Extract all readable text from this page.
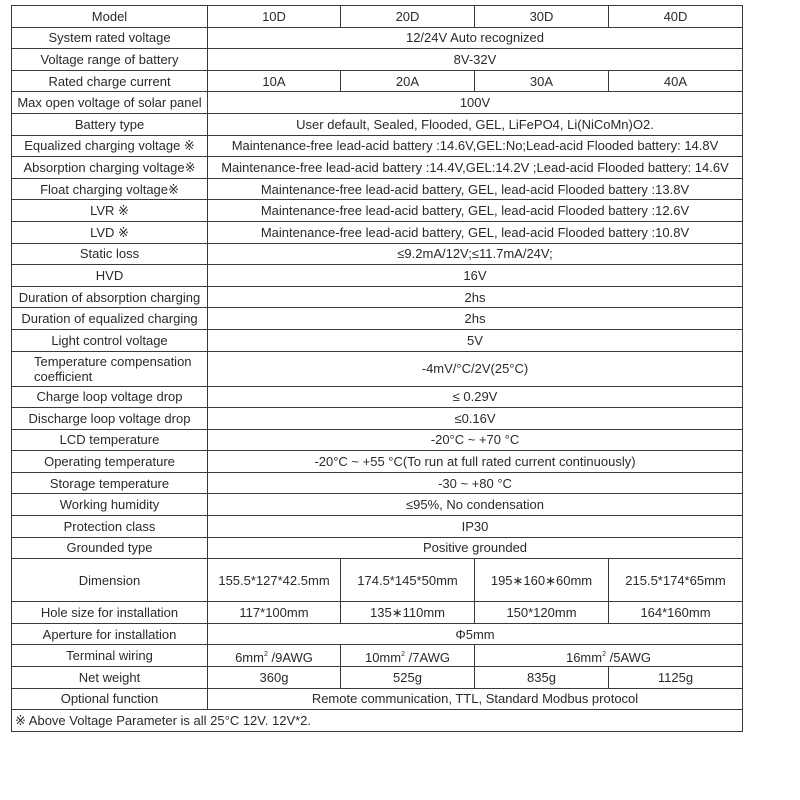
Model	10D	20D	30D	40D
System rated voltage	12/24V Auto recognized			
Voltage range of battery	8V-32V			
Rated charge current	10A	20A	30A	40A
Max open voltage of solar panel	100V			
Battery type	User default, Sealed, Flooded, GEL, LiFePO4, Li(NiCoMn)O2.			
Equalized charging voltage ※	Maintenance-free lead-acid battery :14.6V,GEL:No;Lead-acid Flooded battery: 14.8V			
Absorption charging voltage※	Maintenance-free lead-acid battery :14.4V,GEL:14.2V ;Lead-acid Flooded battery: 14.6V			
Float charging voltage※	Maintenance-free lead-acid battery, GEL, lead-acid Flooded battery :13.8V			
LVR ※	Maintenance-free lead-acid battery, GEL, lead-acid Flooded battery :12.6V			
LVD ※	Maintenance-free lead-acid battery, GEL, lead-acid Flooded battery :10.8V			
Static loss	≤9.2mA/12V;≤11.7mA/24V;			
HVD	16V			
Duration of absorption charging	2hs			
Duration of equalized charging	2hs			
Light control voltage	5V			
Temperature compensation coefficient	-4mV/°C/2V(25°C)			
Charge loop voltage drop	≤ 0.29V			
Discharge loop voltage drop	≤0.16V			
LCD temperature	-20°C ~ +70 °C			
Operating temperature	-20°C ~ +55 °C(To run at full rated current continuously)			
Storage temperature	-30 ~ +80 °C			
Working humidity	≤95%, No condensation			
Protection class	IP30			
Grounded type	Positive grounded			
Dimension	155.5*127*42.5mm	174.5*145*50mm	195∗160∗60mm	215.5*174*65mm
Hole size for installation	117*100mm	135∗110mm	150*120mm	164*160mm
Aperture for installation	Φ5mm			
Terminal wiring	$6mm^2$ /9AWG	$10mm^2$ /7AWG	$16mm^2$ /5AWG	
Net weight	360g	525g	835g	1125g
Optional function	Remote communication, TTL, Standard Modbus protocol			
※ Above Voltage Parameter is all 25°C 12V. 12V*2.				
